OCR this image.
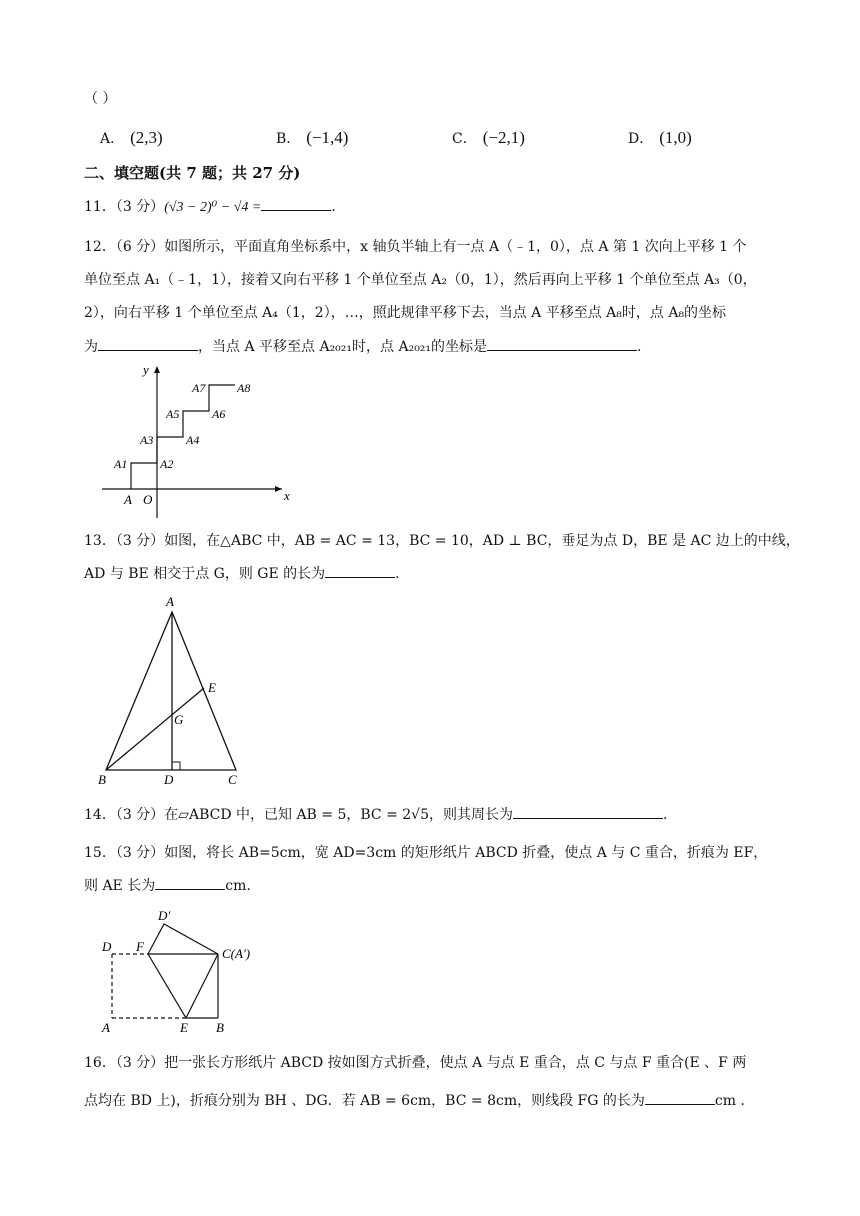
（ ）
A． (2,3)	B． (−1,4)	C． (−2,1)	D． (1,0)
二、填空题(共 7 题；共 27 分)
11．（3 分）(√3 − 2)⁰ − √4 =	.
12．（6 分）如图所示，平面直角坐标系中，x 轴负半轴上有一点 A（﹣1，0），点 A 第 1 次向上平移 1 个
单位至点 A₁（﹣1，1），接着又向右平移 1 个单位至点 A₂（0，1），然后再向上平移 1 个单位至点 A₃（0，
2），向右平移 1 个单位至点 A₄（1，2），…，照此规律平移下去，当点 A 平移至点 A₈时，点 A₈的坐标
为	，当点 A 平移至点 A₂₀₂₁时，点 A₂₀₂₁的坐标是	.
x
y
O
A
A1	A2
A3	A4
A5	A6
A7	A8
13．（3 分）如图，在△ABC 中，AB = AC = 13，BC = 10，AD ⊥ BC，垂足为点 D，BE 是 AC 边上的中线，
AD 与 BE 相交于点 G，则 GE 的长为	.
A
B	C
D
E
G
14．（3 分）在▱ABCD 中，已知 AB = 5，BC = 2√5，则其周长为	.
15．（3 分）如图，将长 AB=5cm，宽 AD=3cm 的矩形纸片 ABCD 折叠，使点 A 与 C 重合，折痕为 EF，
则 AE 长为	cm.
D F
D′
C(A′)
A	E B
16．（3 分）把一张长方形纸片 ABCD 按如图方式折叠，使点 A 与点 E 重合，点 C 与点 F 重合(E 、F 两
点均在 BD 上)，折痕分别为 BH 、DG．若 AB = 6cm，BC = 8cm，则线段 FG 的长为	cm .
